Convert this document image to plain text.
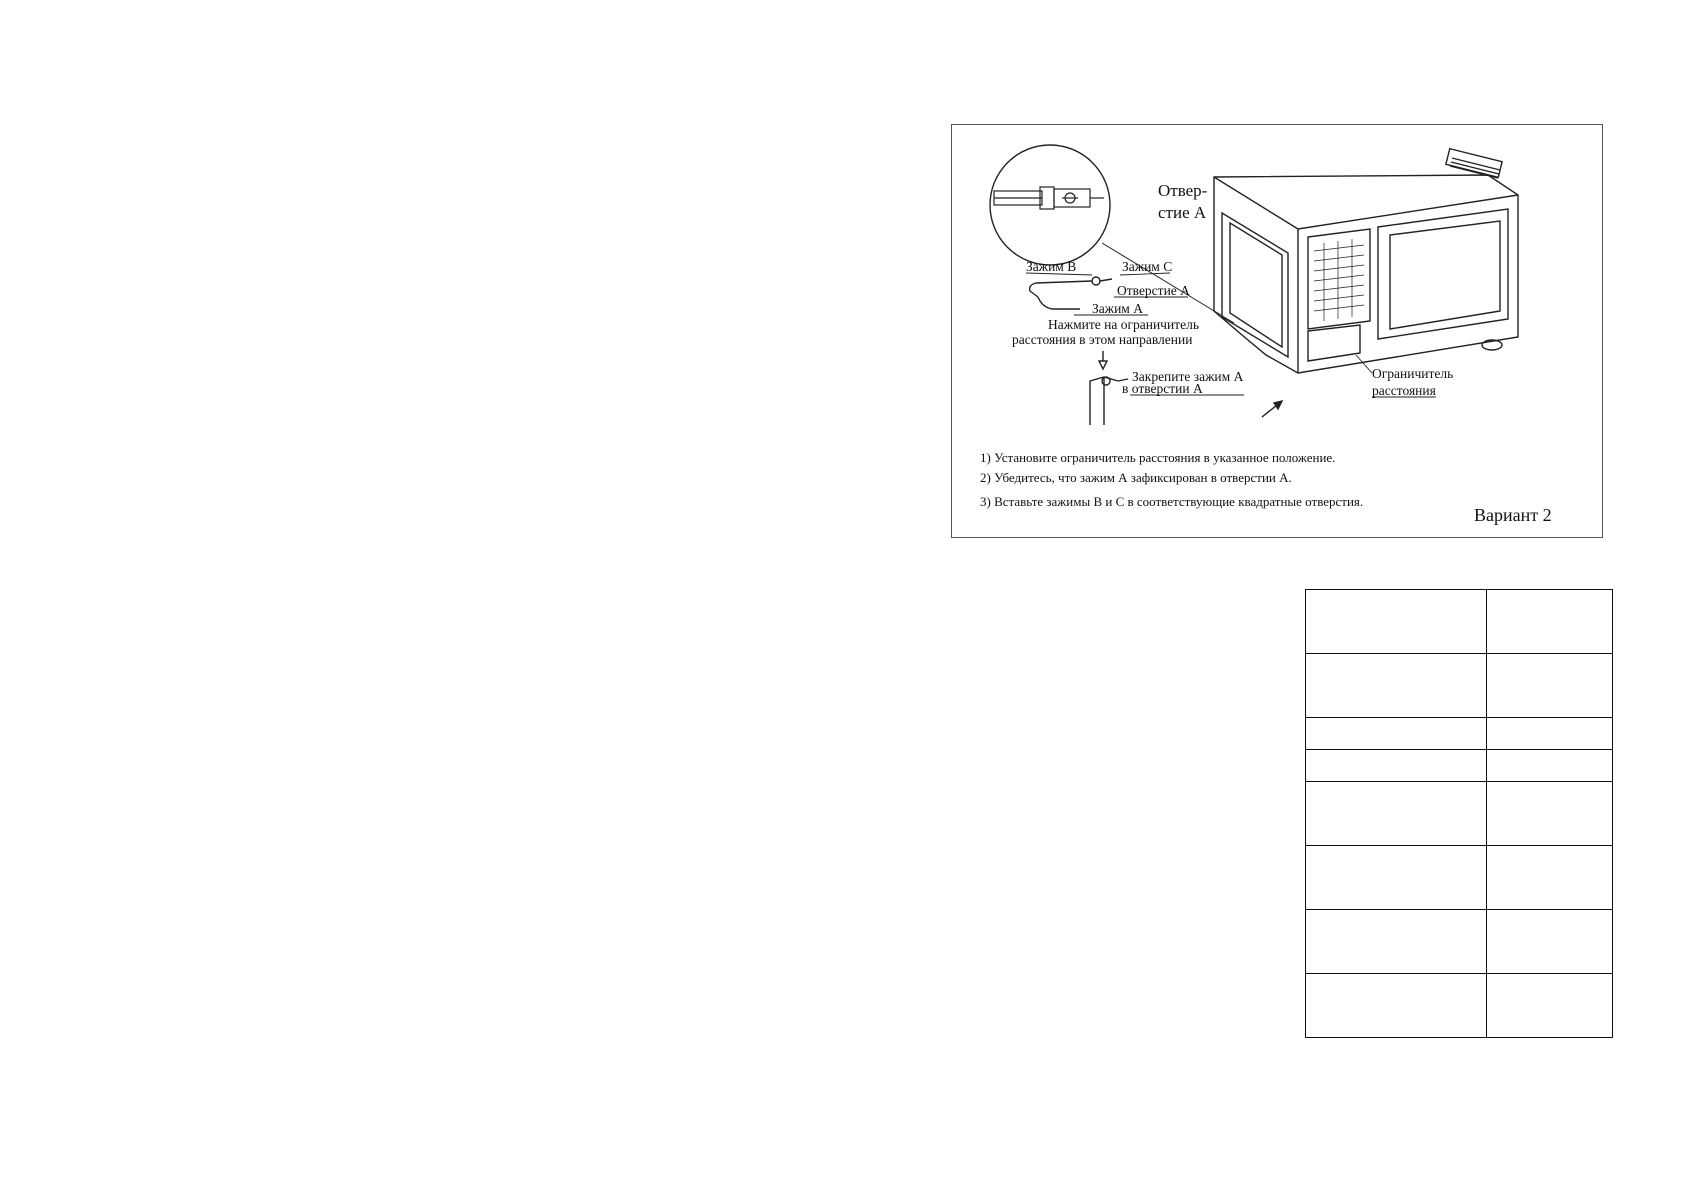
Отвер-
стие А
Зажим В	Зажим С
Отверстие А
Зажим А
Нажмите на ограничитель
расстояния в этом направлении
Закрепите зажим А
в отверстии А
Ограничитель
расстояния
1) Установите ограничитель расстояния в указанное положение.
2) Убедитесь, что зажим А зафиксирован в отверстии А.
3) Вставьте зажимы В и С в соответствующие квадратные отверстия.
Вариант 2
